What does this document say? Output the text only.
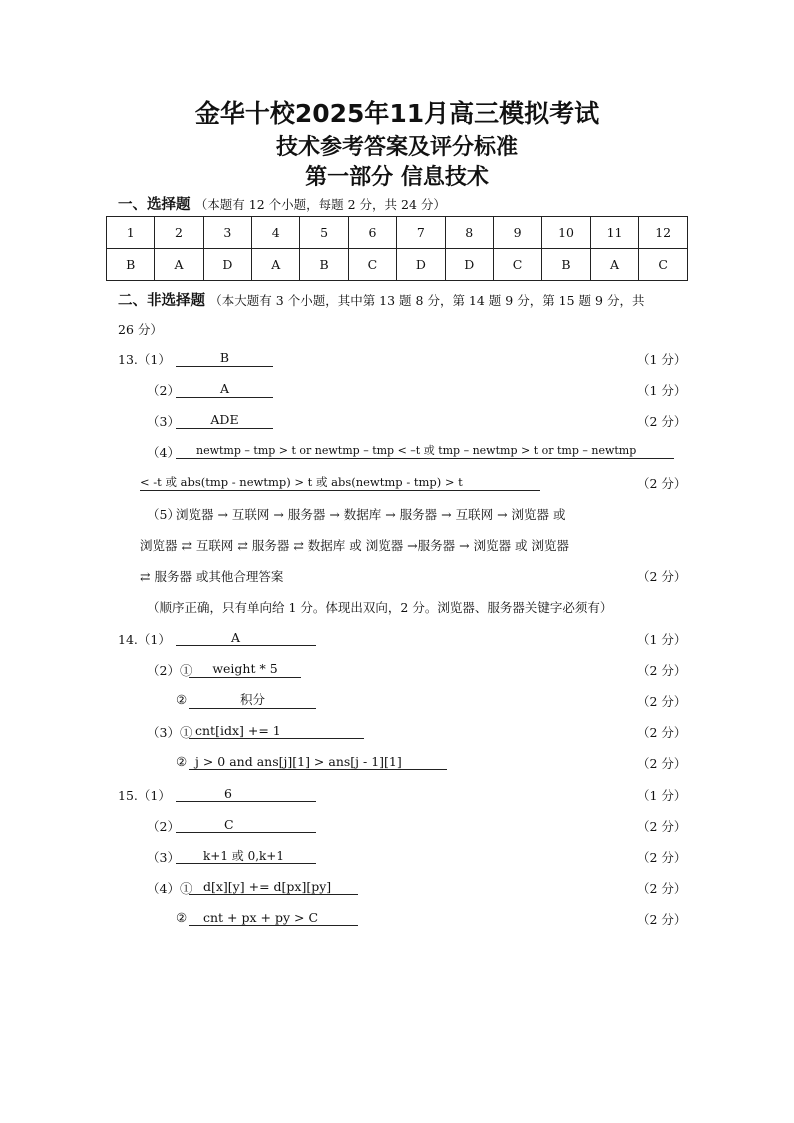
金华十校2025年11月高三模拟考试
技术参考答案及评分标准
第一部分 信息技术
一、选择题 （本题有 12 个小题，每题 2 分，共 24 分）
1	2	3	4	5	6	7	8	9	10	11	12
B	A	D	A	B	C	D	D	C	B	A	C
二、非选择题 （本大题有 3 个小题，其中第 13 题 8 分，第 14 题 9 分，第 15 题 9 分，共
26 分）
13.（1）	B	（1 分）
（2）	A	（1 分）
（3）	ADE	（2 分）
（4）	newtmp – tmp > t or newtmp – tmp < –t 或 tmp – newtmp > t or tmp – newtmp
< -t 或 abs(tmp - newtmp) > t 或 abs(newtmp - tmp) > t	（2 分）
（5）
浏览器 → 互联网 → 服务器 → 数据库 → 服务器 → 互联网 → 浏览器 或
浏览器 ⇄ 互联网 ⇄ 服务器 ⇄ 数据库 或 浏览器 →服务器 → 浏览器 或 浏览器
⇄ 服务器 或其他合理答案	（2 分）
（顺序正确，只有单向给 1 分。体现出双向，2 分。浏览器、服务器关键字必须有）
14.（1）	A	（1 分）
（2）①	weight * 5	（2 分）
②	积分	（2 分）
（3）① cnt[idx] += 1	（2 分）
② j > 0 and ans[j][1] > ans[j - 1][1]	（2 分）
15.（1）	6	（1 分）
（2）	C	（2 分）
（3）	k+1 或 0,k+1	（2 分）
（4）① d[x][y] += d[px][py]	（2 分）
②	cnt + px + py > C	（2 分）
